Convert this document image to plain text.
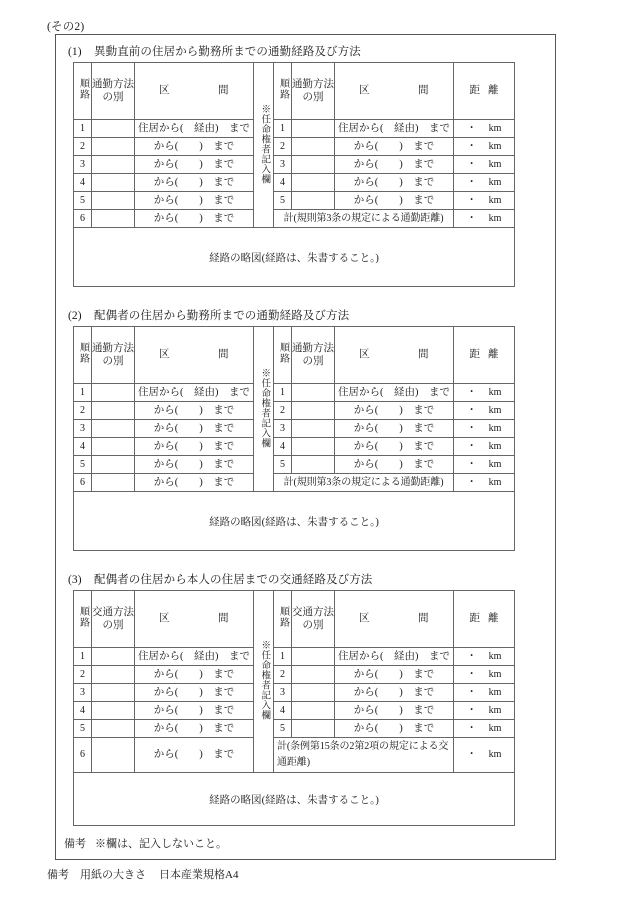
(その2)
(1) 異動直前の住居から勤務所までの通勤経路及び方法
順路	通勤方法の別	区 間	※任命権者記入欄	順路	通勤方法の別	区 間	距 離
1		住居から(　経由)　まで		1		住居から(　経由)　まで	・ km
2		から(　　)　まで		2		から(　　)　まで	・ km
3		から(　　)　まで		3		から(　　)　まで	・ km
4		から(　　)　まで		4		から(　　)　まで	・ km
5		から(　　)　まで		5		から(　　)　まで	・ km
6		から(　　)　まで		計(規則第3条の規定による通勤距離)			・ km
経路の略図(経路は、朱書すること。)							
(2) 配偶者の住居から勤務所までの通勤経路及び方法
順路	通勤方法の別	区 間	※任命権者記入欄	順路	通勤方法の別	区 間	距 離
1		住居から(　経由)　まで		1		住居から(　経由)　まで	・ km
2		から(　　)　まで		2		から(　　)　まで	・ km
3		から(　　)　まで		3		から(　　)　まで	・ km
4		から(　　)　まで		4		から(　　)　まで	・ km
5		から(　　)　まで		5		から(　　)　まで	・ km
6		から(　　)　まで		計(規則第3条の規定による通勤距離)			・ km
経路の略図(経路は、朱書すること。)							
(3) 配偶者の住居から本人の住居までの交通経路及び方法
順路	交通方法の別	区 間	※任命権者記入欄	順路	交通方法の別	区 間	距 離
1		住居から(　経由)　まで		1		住居から(　経由)　まで	・ km
2		から(　　)　まで		2		から(　　)　まで	・ km
3		から(　　)　まで		3		から(　　)　まで	・ km
4		から(　　)　まで		4		から(　　)　まで	・ km
5		から(　　)　まで		5		から(　　)　まで	・ km
6		から(　　)　まで		計(条例第15条の2第2項の規定による交通距離)			・ km
経路の略図(経路は、朱書すること。)							
備考 ※欄は、記入しないこと。
備考 用紙の大きさ 日本産業規格A4
